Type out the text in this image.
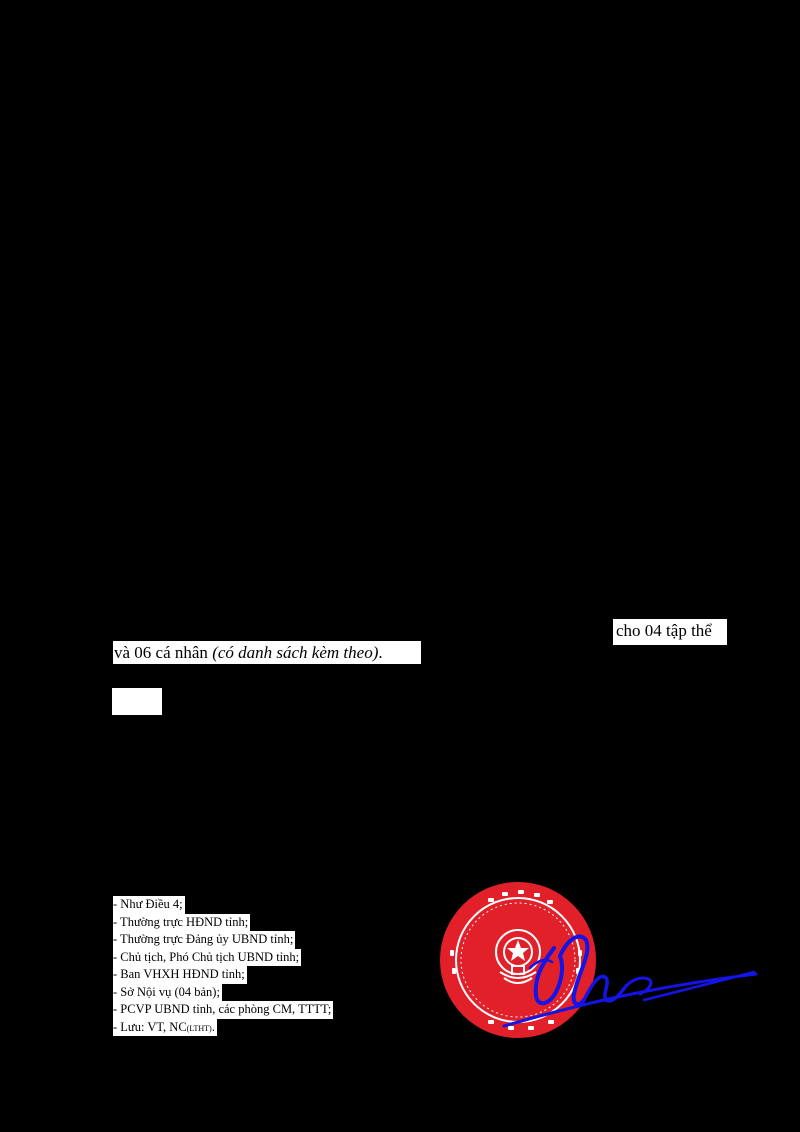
cho 04 tập thể
và 06 cá nhân (có danh sách kèm theo).
- Như Điều 4;
- Thường trực HĐND tỉnh;
- Thường trực Đảng ủy UBND tỉnh;
- Chủ tịch, Phó Chủ tịch UBND tỉnh;
- Ban VHXH HĐND tỉnh;
- Sở Nội vụ (04 bản);
- PCVP UBND tỉnh, các phòng CM, TTTT;
- Lưu: VT, NC(LTHT).
